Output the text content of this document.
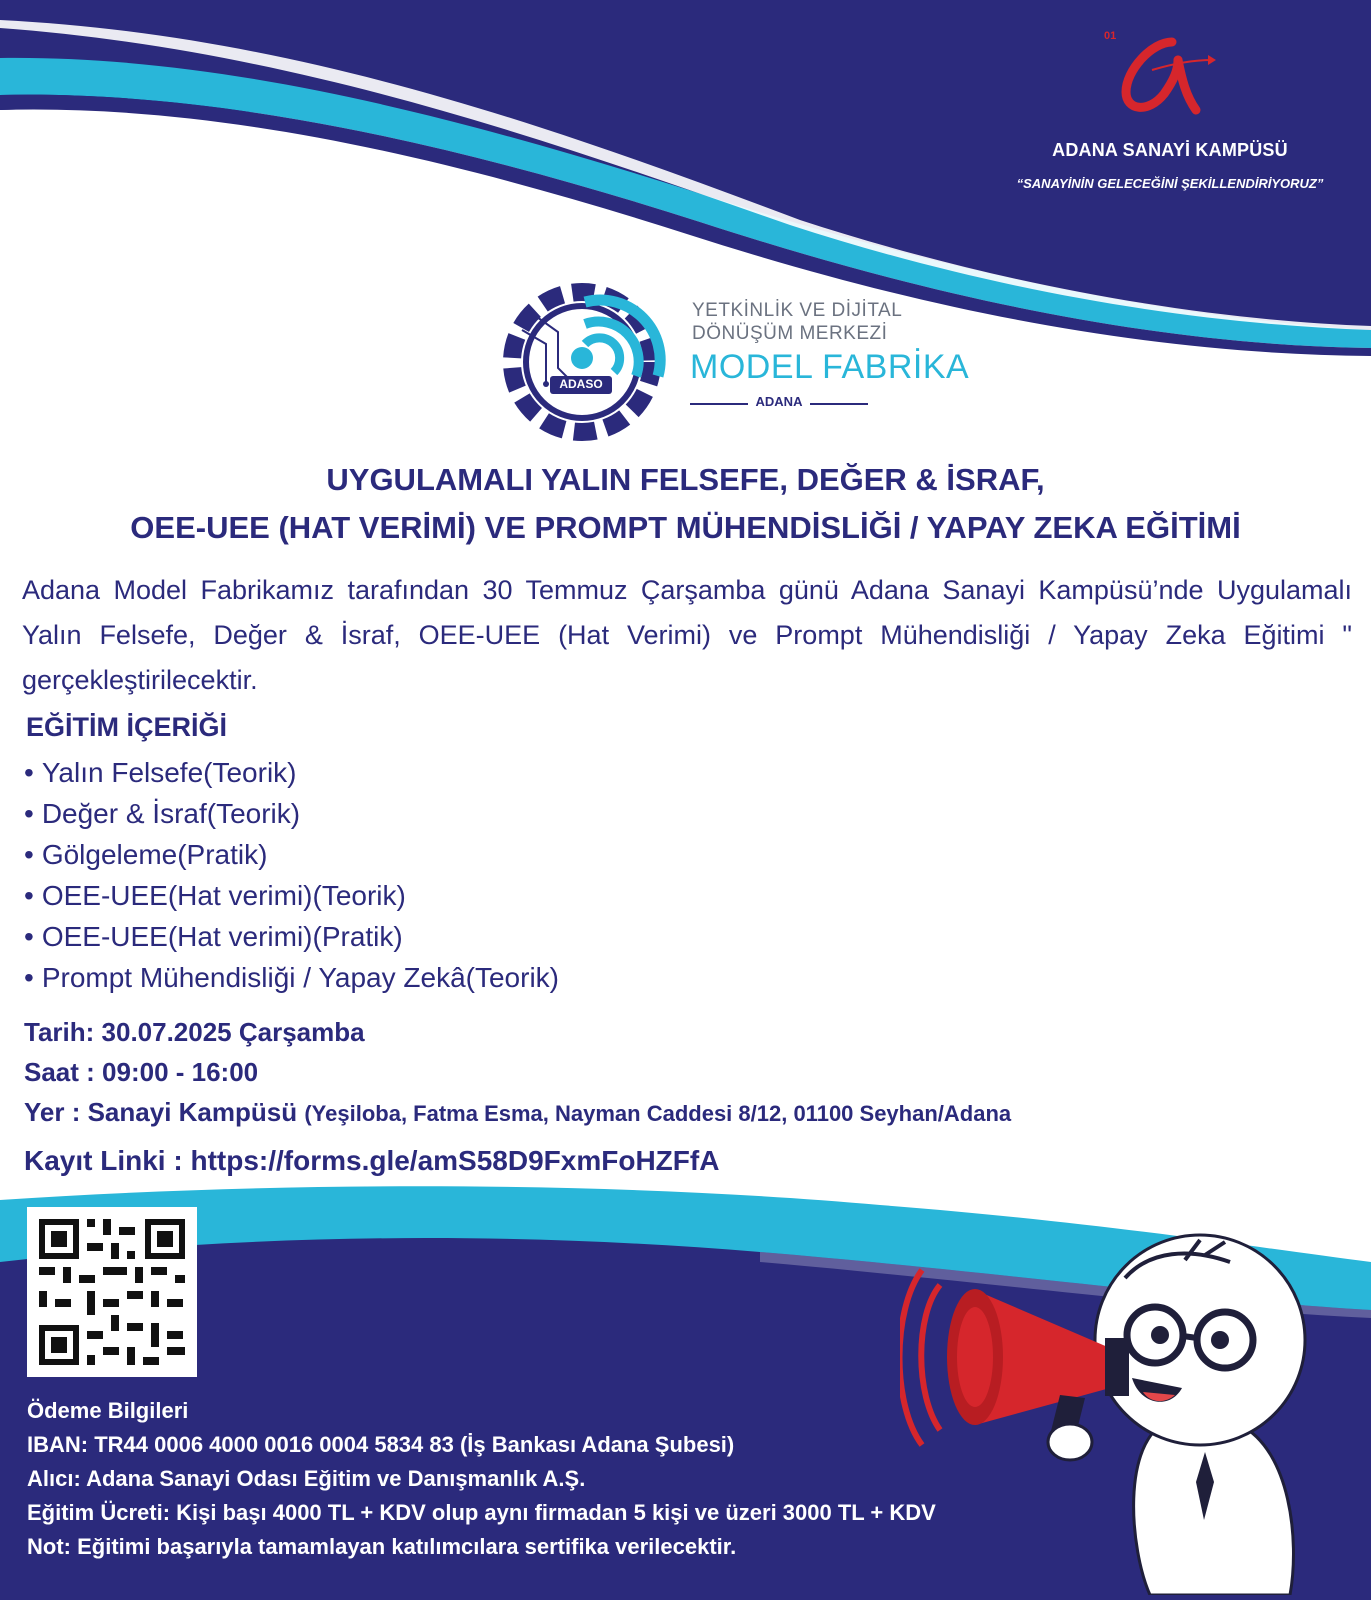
01
ADANA SANAYİ KAMPÜSÜ
“SANAYİNİN GELECEĞİNİ ŞEKİLLENDİRİYORUZ”
ADASO
YETKİNLİK VE DİJİTAL
DÖNÜŞÜM MERKEZİ
MODEL FABRİKA
ADANA
UYGULAMALI YALIN FELSEFE, DEĞER & İSRAF,
OEE-UEE (HAT VERİMİ) VE PROMPT MÜHENDİSLİĞİ / YAPAY ZEKA EĞİTİMİ
Adana Model Fabrikamız tarafından 30 Temmuz Çarşamba günü Adana Sanayi Kampüsü’nde Uygulamalı Yalın Felsefe, Değer & İsraf, OEE-UEE (Hat Verimi) ve Prompt Mühendisliği / Yapay Zeka Eğitimi " gerçekleştirilecektir.
EĞİTİM İÇERİĞİ
• Yalın Felsefe(Teorik)
• Değer & İsraf(Teorik)
• Gölgeleme(Pratik)
• OEE-UEE(Hat verimi)(Teorik)
• OEE-UEE(Hat verimi)(Pratik)
• Prompt Mühendisliği / Yapay Zekâ(Teorik)
Tarih: 30.07.2025 Çarşamba
Saat : 09:00 - 16:00
Yer : Sanayi Kampüsü (Yeşiloba, Fatma Esma, Nayman Caddesi 8/12, 01100 Seyhan/Adana
Kayıt Linki : https://forms.gle/amS58D9FxmFoHZFfA
Ödeme Bilgileri
IBAN: TR44 0006 4000 0016 0004 5834 83 (İş Bankası Adana Şubesi)
Alıcı: Adana Sanayi Odası Eğitim ve Danışmanlık A.Ş.
Eğitim Ücreti: Kişi başı 4000 TL + KDV olup aynı firmadan 5 kişi ve üzeri 3000 TL + KDV
Not: Eğitimi başarıyla tamamlayan katılımcılara sertifika verilecektir.
